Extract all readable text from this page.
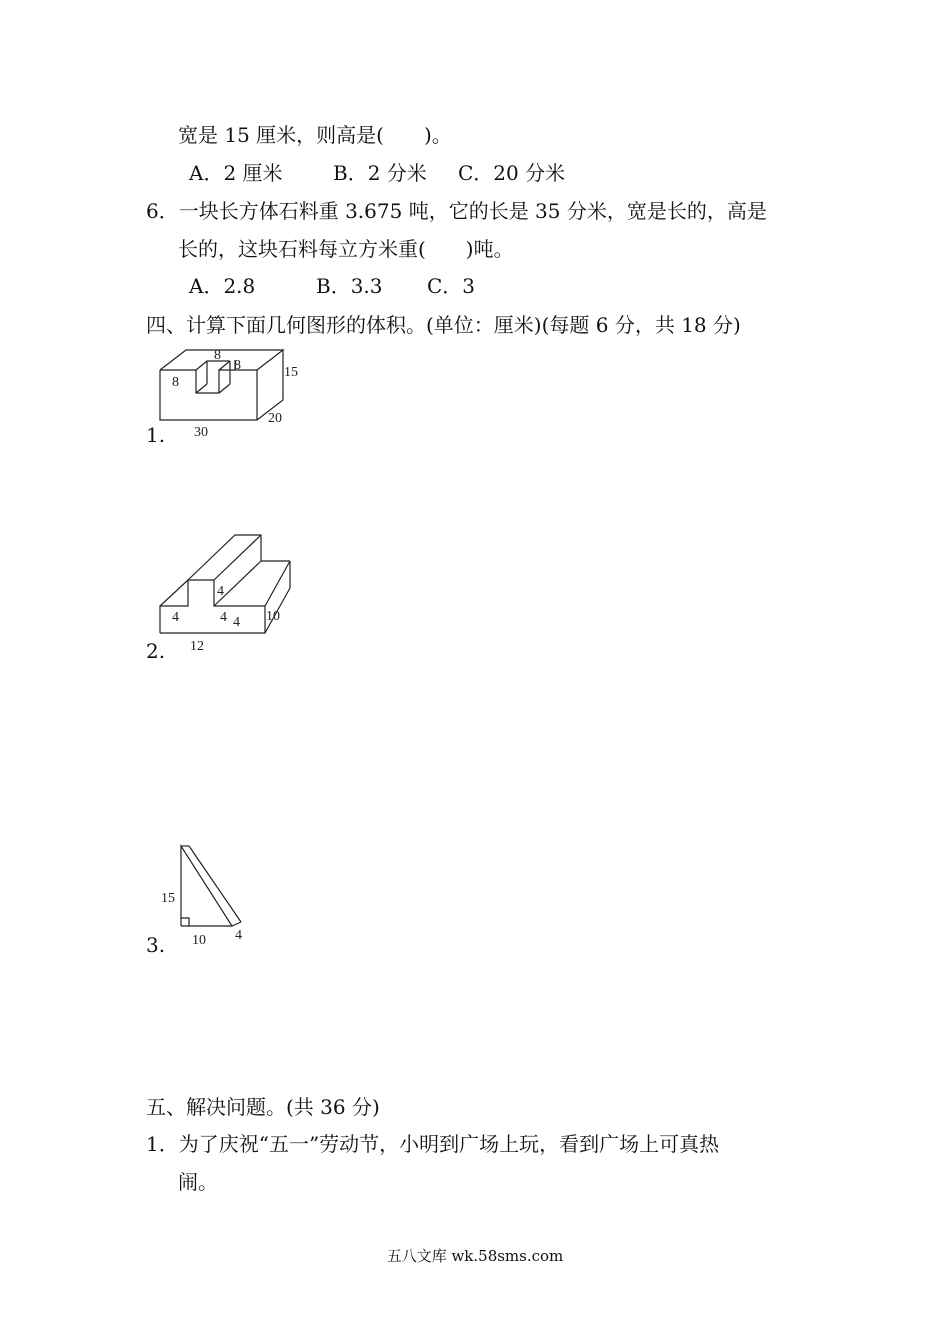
宽是 15 厘米，则高是(　　)。
A．2 厘米	B．2 分米 C．20 分米
6．一块长方体石料重 3.675 吨，它的长是 35 分米，宽是长的，高是
长的，这块石料每立方米重(　　)吨。
A．2.8	B．3.3 C．3
四、计算下面几何图形的体积。(单位：厘米)(每题 6 分，共 18 分)
1.
8
8
8
15
30
20
2.
4
4
4 4 10
12
3.
15
10 4
五、解决问题。(共 36 分)
1．为了庆祝“五一”劳动节，小明到广场上玩，看到广场上可真热
闹。
五八文库 wk.58sms.com
